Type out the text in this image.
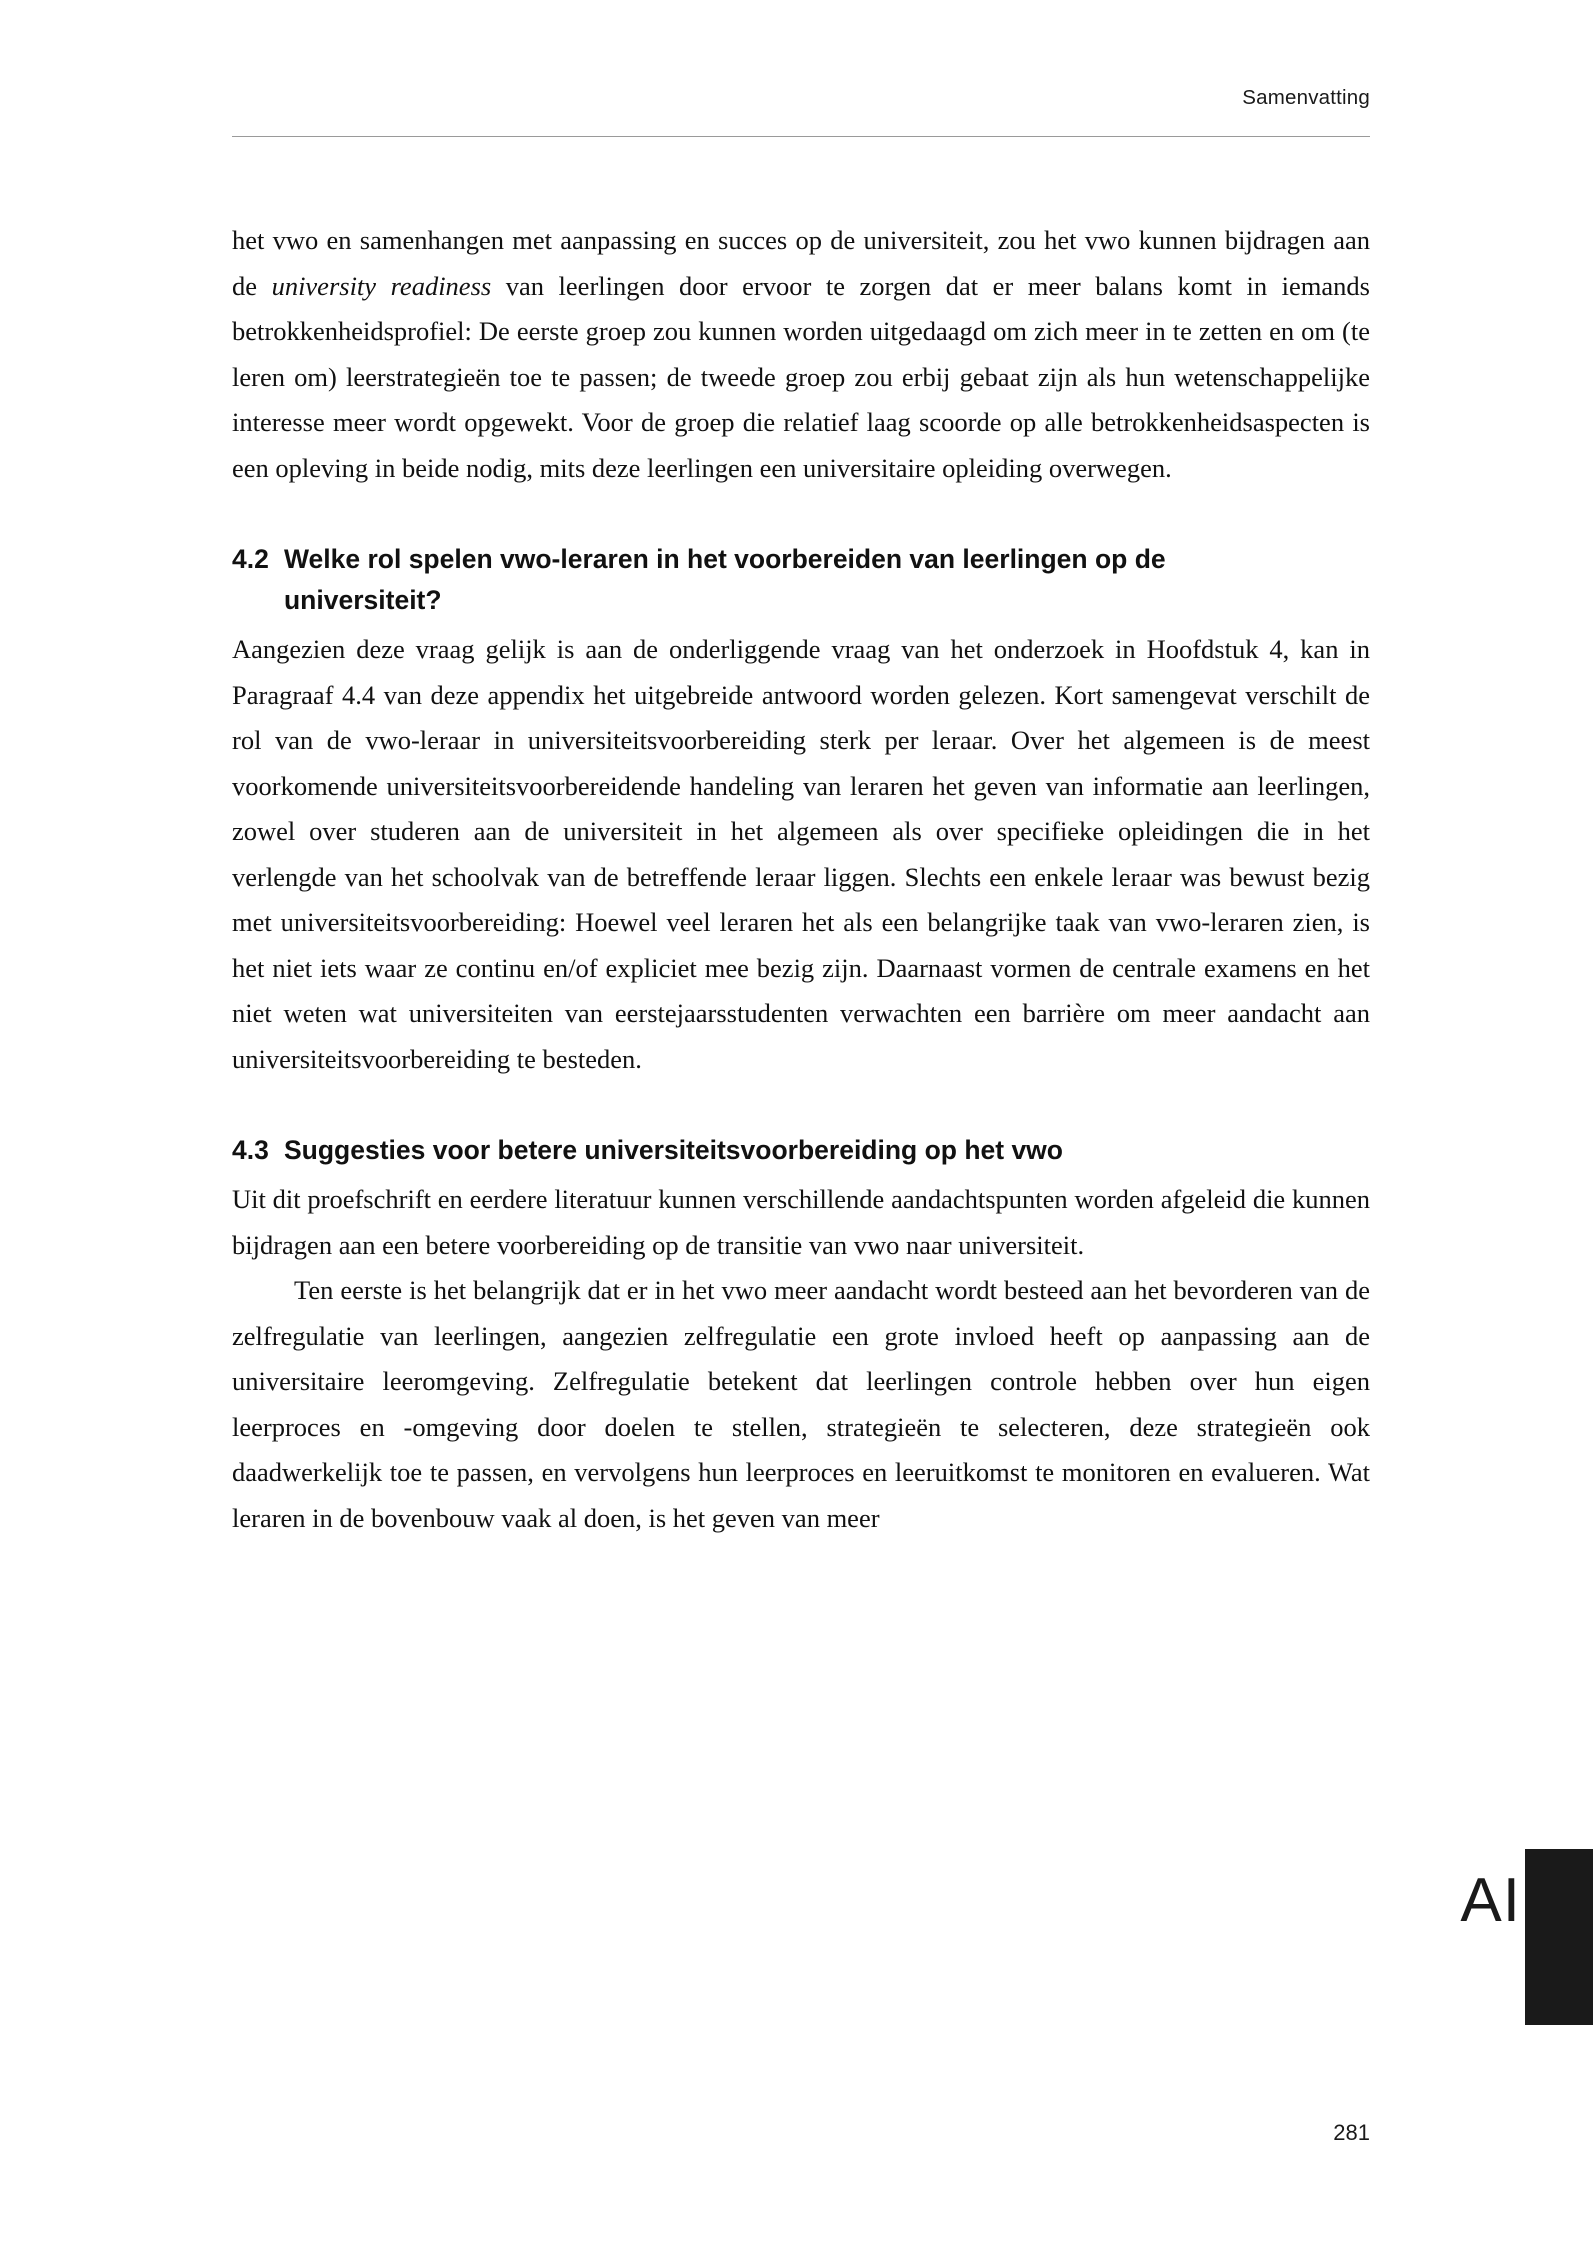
Samenvatting

het vwo en samenhangen met aanpassing en succes op de universiteit, zou het vwo kunnen bijdragen aan de university readiness van leerlingen door ervoor te zorgen dat er meer balans komt in iemands betrokkenheidsprofiel: De eerste groep zou kunnen worden uitgedaagd om zich meer in te zetten en om (te leren om) leerstrategieën toe te passen; de tweede groep zou erbij gebaat zijn als hun wetenschappelijke interesse meer wordt opgewekt. Voor de groep die relatief laag scoorde op alle betrokkenheidsaspecten is een opleving in beide nodig, mits deze leerlingen een universitaire opleiding overwegen.

4.2 Welke rol spelen vwo-leraren in het voorbereiden van leerlingen op de
universiteit?

Aangezien deze vraag gelijk is aan de onderliggende vraag van het onderzoek in Hoofdstuk 4, kan in Paragraaf 4.4 van deze appendix het uitgebreide antwoord worden gelezen. Kort samengevat verschilt de rol van de vwo-leraar in universiteitsvoorbereiding sterk per leraar. Over het algemeen is de meest voorkomende universiteitsvoorbereidende handeling van leraren het geven van informatie aan leerlingen, zowel over studeren aan de universiteit in het algemeen als over specifieke opleidingen die in het verlengde van het schoolvak van de betreffende leraar liggen. Slechts een enkele leraar was bewust bezig met universiteitsvoorbereiding: Hoewel veel leraren het als een belangrijke taak van vwo-leraren zien, is het niet iets waar ze continu en/of expliciet mee bezig zijn. Daarnaast vormen de centrale examens en het niet weten wat universiteiten van eerstejaarsstudenten verwachten een barrière om meer aandacht aan universiteitsvoorbereiding te besteden.

4.3 Suggesties voor betere universiteitsvoorbereiding op het vwo

Uit dit proefschrift en eerdere literatuur kunnen verschillende aandachtspunten worden afgeleid die kunnen bijdragen aan een betere voorbereiding op de transitie van vwo naar universiteit.

Ten eerste is het belangrijk dat er in het vwo meer aandacht wordt besteed aan het bevorderen van de zelfregulatie van leerlingen, aangezien zelfregulatie een grote invloed heeft op aanpassing aan de universitaire leeromgeving. Zelfregulatie betekent dat leerlingen controle hebben over hun eigen leerproces en -omgeving door doelen te stellen, strategieën te selecteren, deze strategieën ook daadwerkelijk toe te passen, en vervolgens hun leerproces en leeruitkomst te monitoren en evalueren. Wat leraren in de bovenbouw vaak al doen, is het geven van meer

AI
281
